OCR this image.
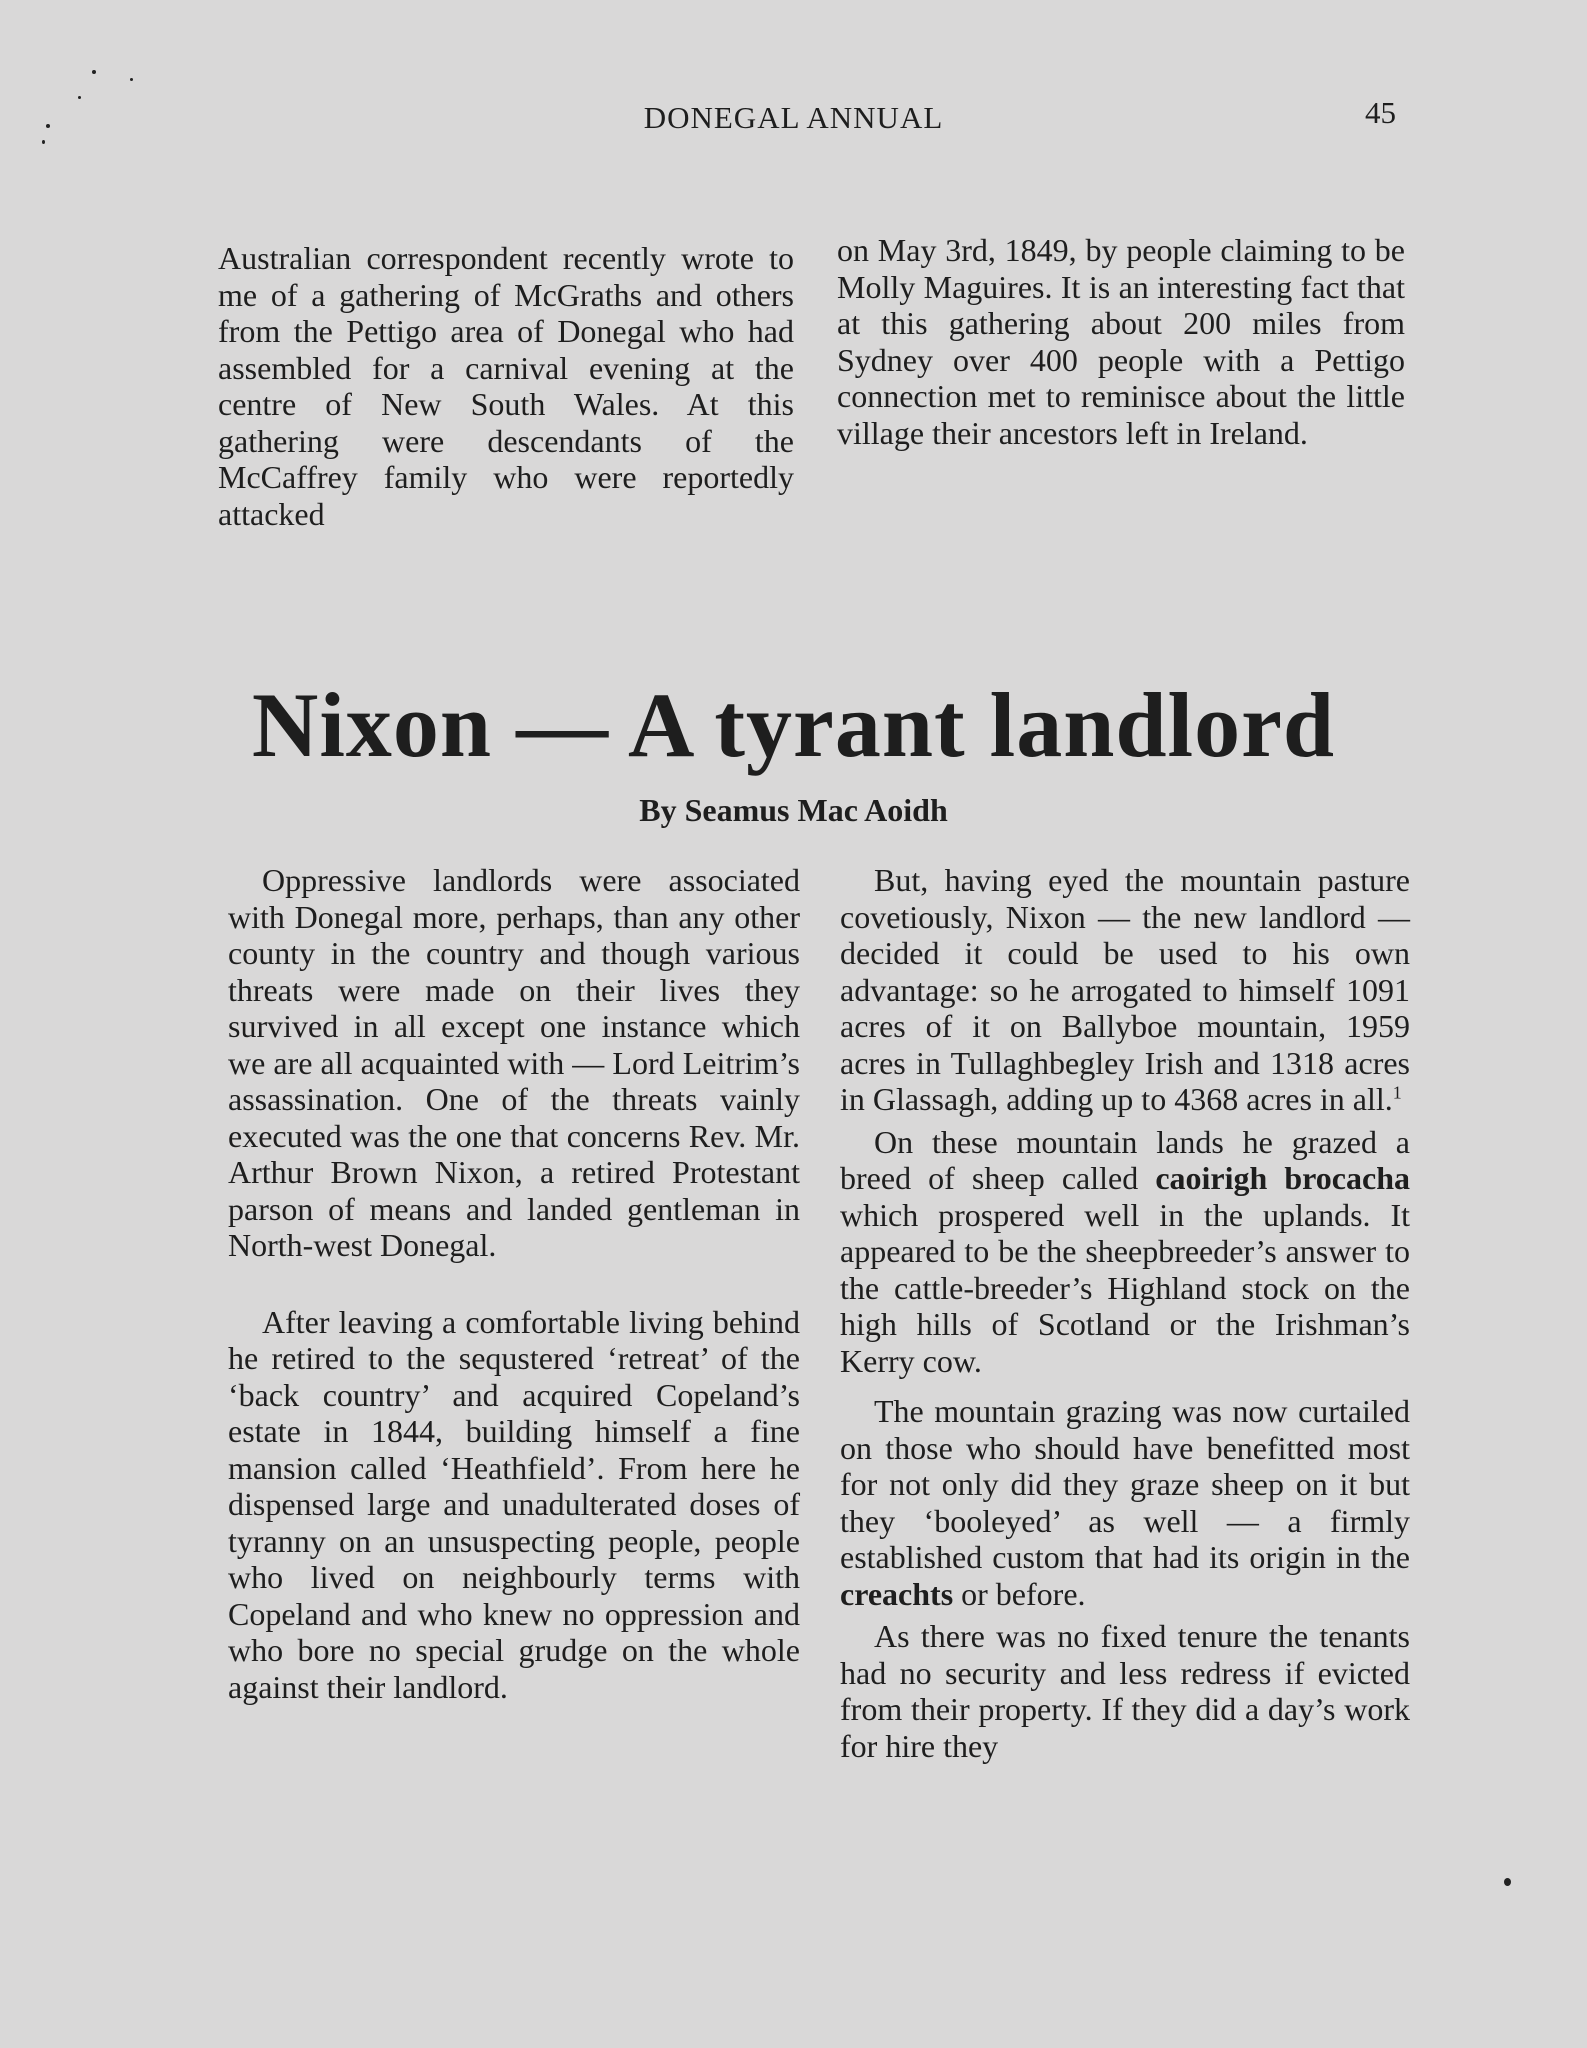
DONEGAL ANNUAL	45

Australian correspondent recently wrote to me of a gathering of McGraths and others from the Pettigo area of Donegal who had assembled for a carnival evening at the centre of New South Wales. At this gathering were descendants of the McCaffrey family who were reportedly attacked

on May 3rd, 1849, by people claiming to be Molly Maguires. It is an interesting fact that at this gathering about 200 miles from Sydney over 400 people with a Pettigo connection met to reminisce about the little village their ancestors left in Ireland.

Nixon — A tyrant landlord
By Seamus Mac Aoidh

Oppressive landlords were associated with Donegal more, perhaps, than any other county in the country and though various threats were made on their lives they survived in all except one instance which we are all acquainted with — Lord Leitrim’s assassination. One of the threats vainly executed was the one that concerns Rev. Mr. Arthur Brown Nixon, a retired Protestant parson of means and landed gentleman in North-west Donegal.

After leaving a comfortable living behind he retired to the sequstered ‘retreat’ of the ‘back country’ and acquired Copeland’s estate in 1844, building himself a fine mansion called ‘Heathfield’. From here he dispensed large and unadulterated doses of tyranny on an unsuspecting people, people who lived on neighbourly terms with Copeland and who knew no oppression and who bore no special grudge on the whole against their landlord.

But, having eyed the mountain pasture covetiously, Nixon — the new landlord — decided it could be used to his own advantage: so he arrogated to himself 1091 acres of it on Ballyboe mountain, 1959 acres in Tullaghbegley Irish and 1318 acres in Glassagh, adding up to 4368 acres in all.$^1$

On these mountain lands he grazed a breed of sheep called caoirigh brocacha which prospered well in the uplands. It appeared to be the sheepbreeder’s answer to the cattle-breeder’s Highland stock on the high hills of Scotland or the Irishman’s Kerry cow.

The mountain grazing was now curtailed on those who should have benefitted most for not only did they graze sheep on it but they ‘booleyed’ as well — a firmly established custom that had its origin in the creachts or before.

As there was no fixed tenure the tenants had no security and less redress if evicted from their property. If they did a day’s work for hire they
